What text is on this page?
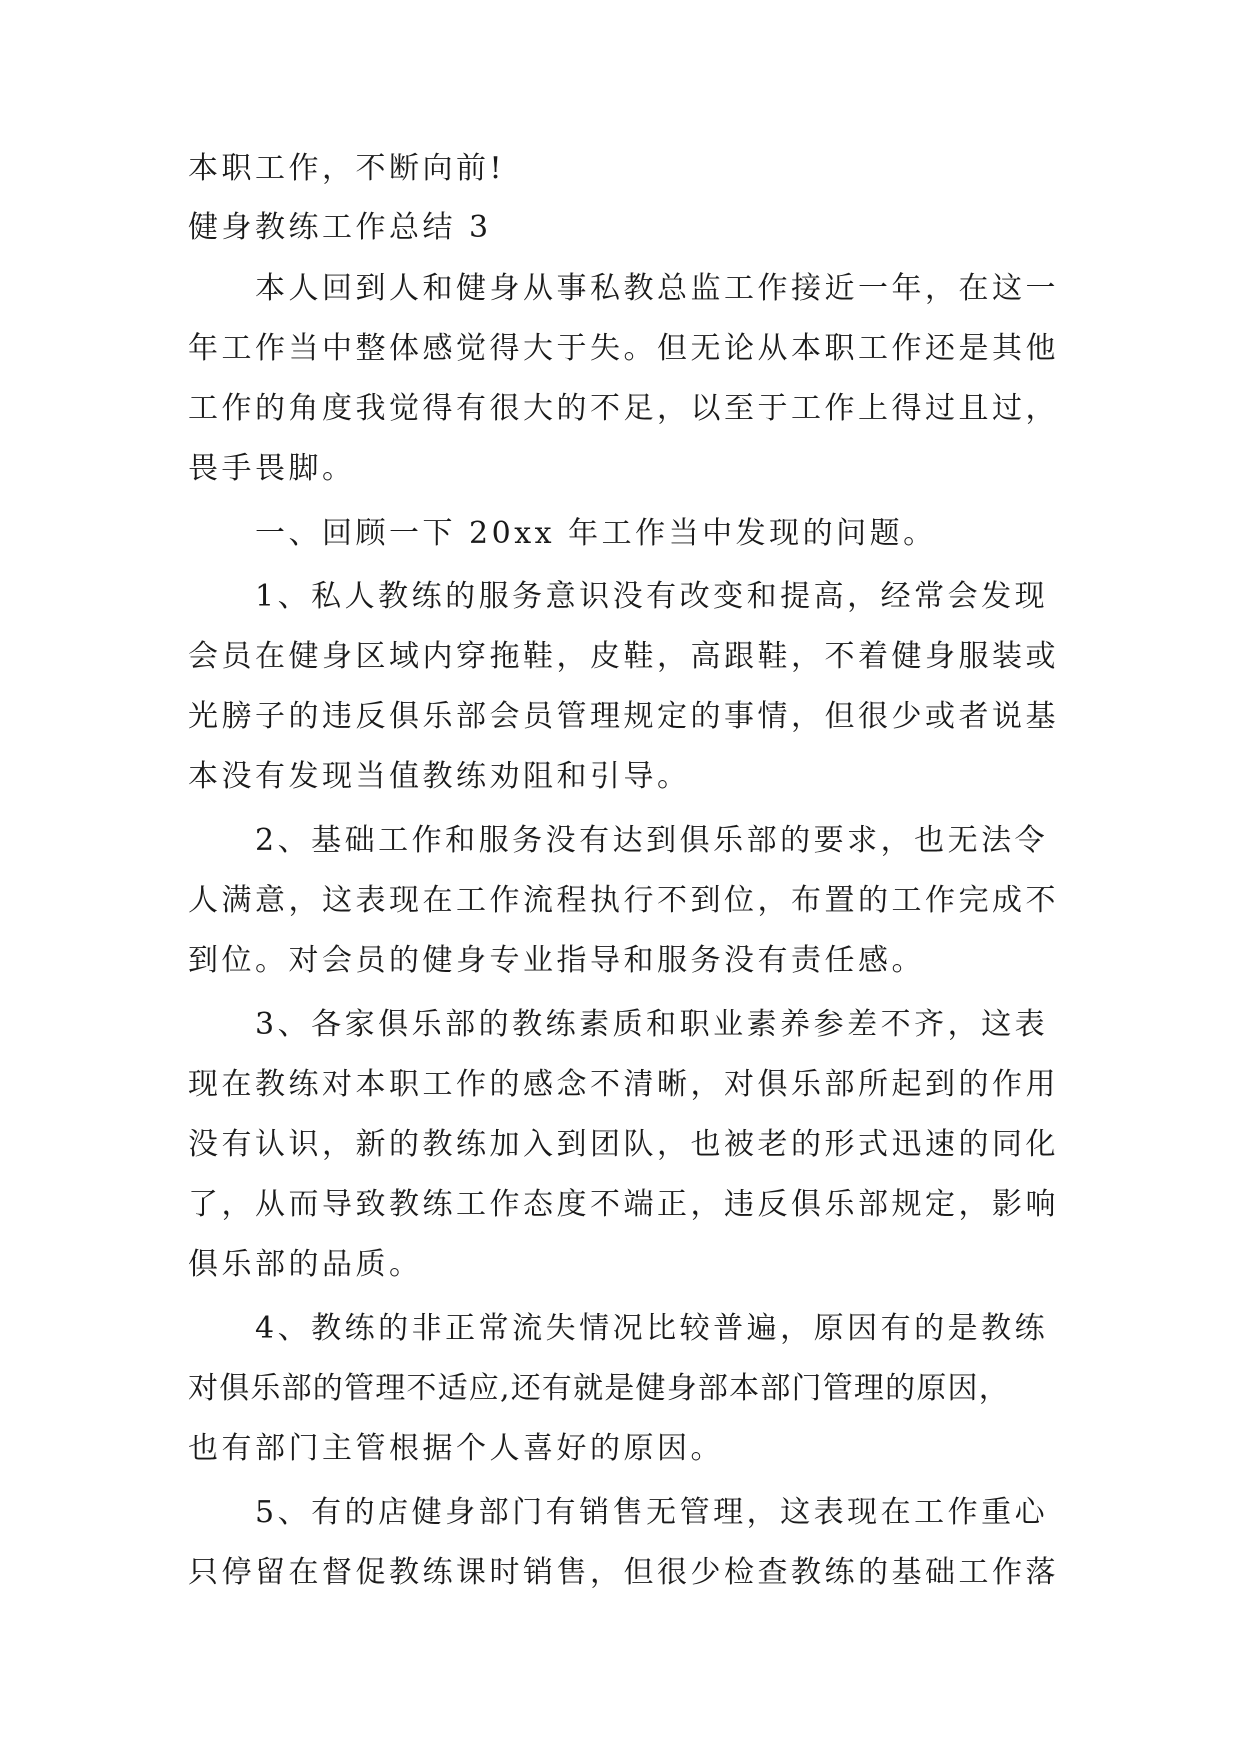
本职工作，不断向前!
健身教练工作总结 3
本人回到人和健身从事私教总监工作接近一年，在这一
年工作当中整体感觉得大于失。但无论从本职工作还是其他
工作的角度我觉得有很大的不足，以至于工作上得过且过，
畏手畏脚。
一、回顾一下 20xx 年工作当中发现的问题。
1、私人教练的服务意识没有改变和提高，经常会发现
会员在健身区域内穿拖鞋，皮鞋，高跟鞋，不着健身服装或
光膀子的违反俱乐部会员管理规定的事情，但很少或者说基
本没有发现当值教练劝阻和引导。
2、基础工作和服务没有达到俱乐部的要求，也无法令
人满意，这表现在工作流程执行不到位，布置的工作完成不
到位。对会员的健身专业指导和服务没有责任感。
3、各家俱乐部的教练素质和职业素养参差不齐，这表
现在教练对本职工作的感念不清晰，对俱乐部所起到的作用
没有认识，新的教练加入到团队，也被老的形式迅速的同化
了，从而导致教练工作态度不端正，违反俱乐部规定，影响
俱乐部的品质。
4、教练的非正常流失情况比较普遍，原因有的是教练
对俱乐部的管理不适应,还有就是健身部本部门管理的原因，
也有部门主管根据个人喜好的原因。
5、有的店健身部门有销售无管理，这表现在工作重心
只停留在督促教练课时销售，但很少检查教练的基础工作落
